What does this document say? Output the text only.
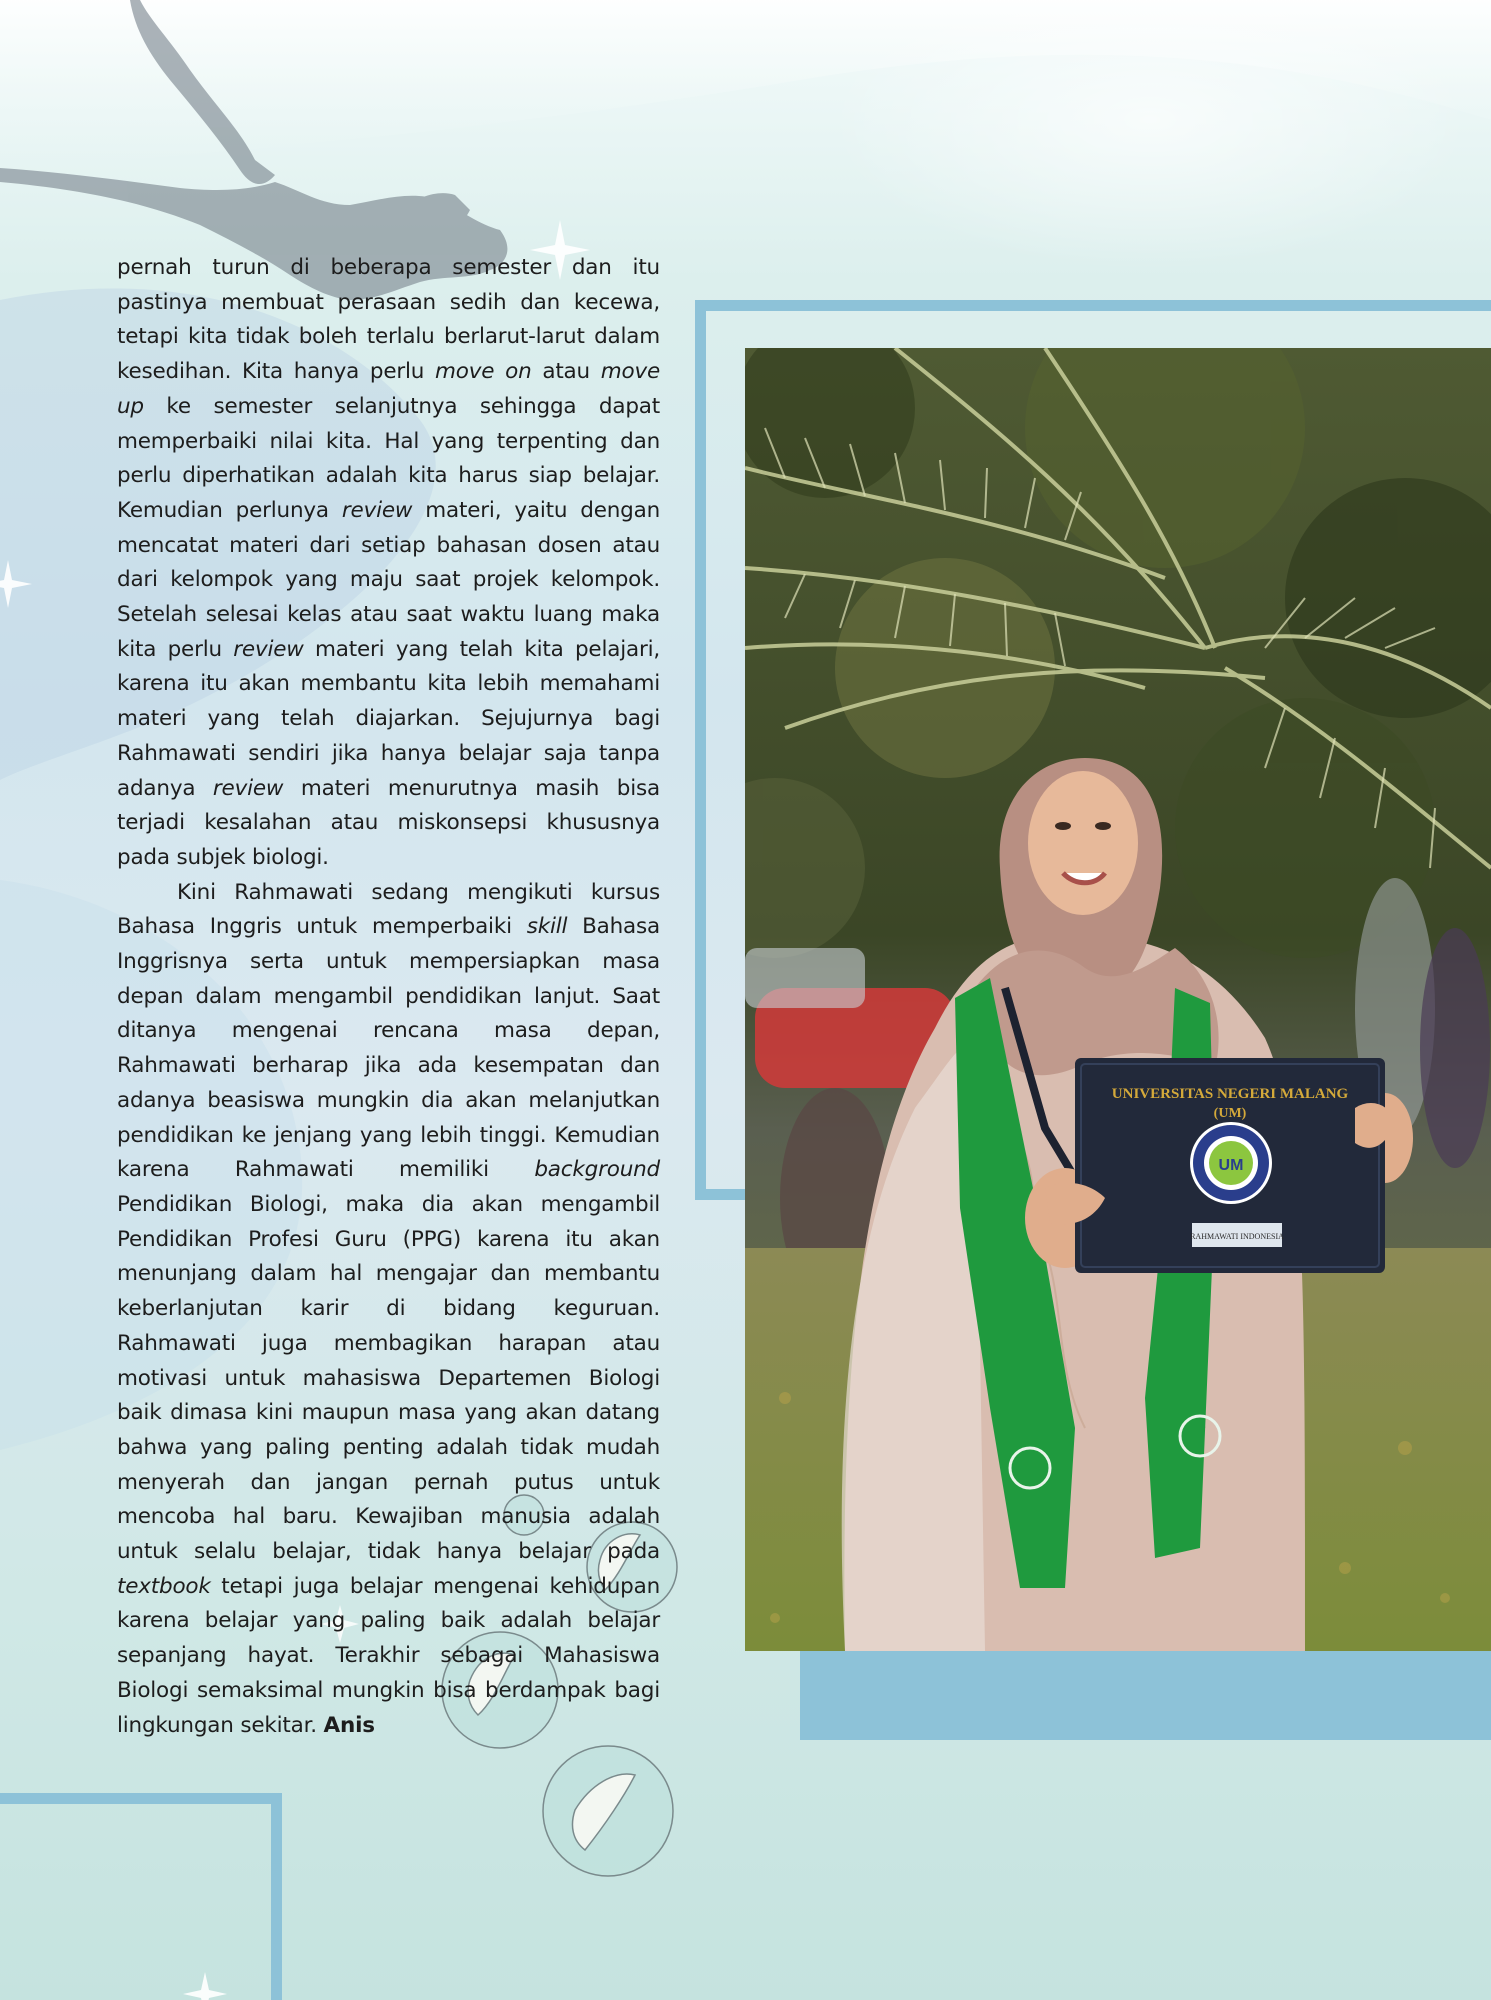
pernah turun di beberapa semester dan itu pastinya membuat perasaan sedih dan kecewa, tetapi kita tidak boleh terlalu berlarut-larut dalam kesedihan. Kita hanya perlu move on atau move up ke semester selanjutnya sehingga dapat memperbaiki nilai kita. Hal yang terpenting dan perlu diperhatikan adalah kita harus siap belajar. Kemudian perlunya review materi, yaitu dengan mencatat materi dari setiap bahasan dosen atau dari kelompok yang maju saat projek kelompok. Setelah selesai kelas atau saat waktu luang maka kita perlu review materi yang telah kita pelajari, karena itu akan membantu kita lebih memahami materi yang telah diajarkan. Sejujurnya bagi Rahmawati sendiri jika hanya belajar saja tanpa adanya review materi menurutnya masih bisa terjadi kesalahan atau miskonsepsi khususnya pada subjek biologi.

Kini Rahmawati sedang mengikuti kursus Bahasa Inggris untuk memperbaiki skill Bahasa Inggrisnya serta untuk mempersiapkan masa depan dalam mengambil pendidikan lanjut. Saat ditanya mengenai rencana masa depan, Rahmawati berharap jika ada kesempatan dan adanya beasiswa mungkin dia akan melanjutkan pendidikan ke jenjang yang lebih tinggi. Kemudian karena Rahmawati memiliki background Pendidikan Biologi, maka dia akan mengambil Pendidikan Profesi Guru (PPG) karena itu akan menunjang dalam hal mengajar dan membantu keberlanjutan karir di bidang keguruan. Rahmawati juga membagikan harapan atau motivasi untuk mahasiswa Departemen Biologi baik dimasa kini maupun masa yang akan datang bahwa yang paling penting adalah tidak mudah menyerah dan jangan pernah putus untuk mencoba hal baru. Kewajiban manusia adalah untuk selalu belajar, tidak hanya belajar pada textbook tetapi juga belajar mengenai kehidupan karena belajar yang paling baik adalah belajar sepanjang hayat. Terakhir sebagai Mahasiswa Biologi semaksimal mungkin bisa berdampak bagi lingkungan sekitar. Anis

UNIVERSITAS NEGERI MALANG
(UM)
UM
RAHMAWATI INDONESIA
